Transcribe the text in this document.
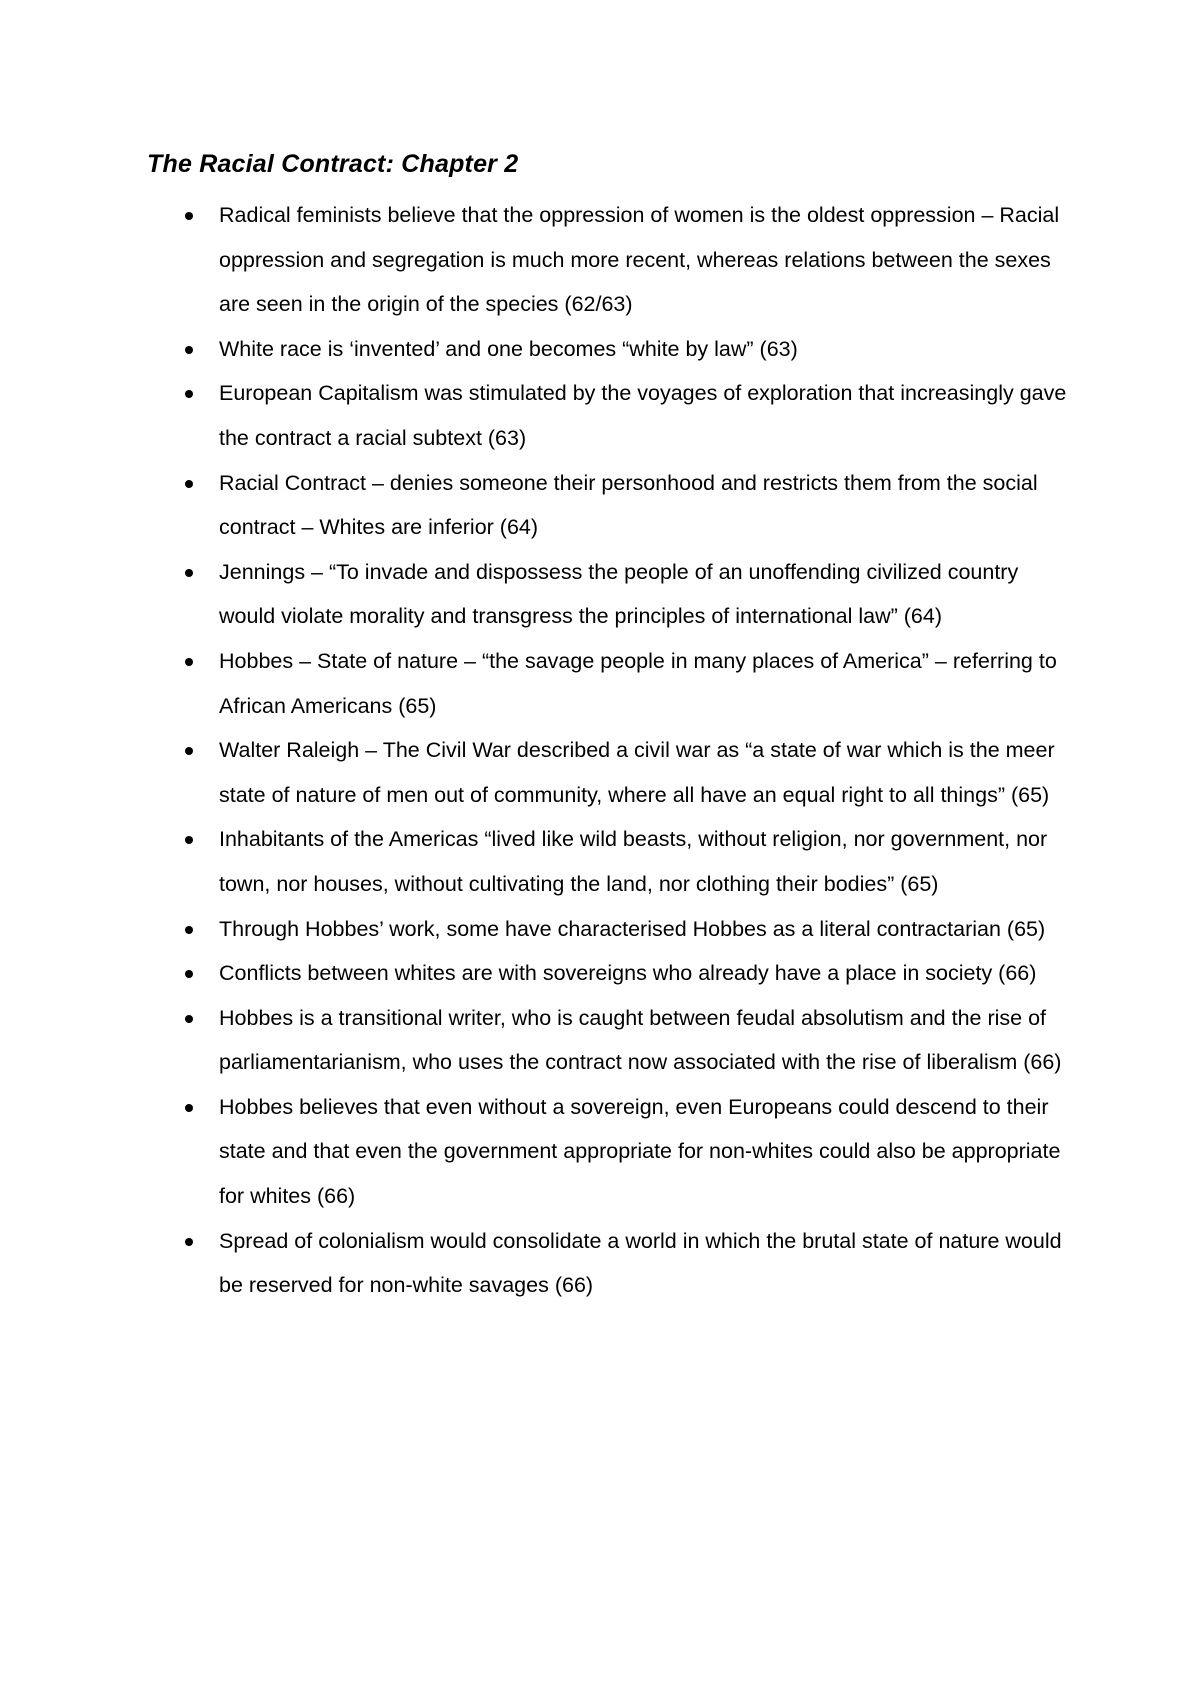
The Racial Contract: Chapter 2
Radical feminists believe that the oppression of women is the oldest oppression – Racial oppression and segregation is much more recent, whereas relations between the sexes are seen in the origin of the species (62/63)
White race is ‘invented’ and one becomes “white by law” (63)
European Capitalism was stimulated by the voyages of exploration that increasingly gave the contract a racial subtext (63)
Racial Contract – denies someone their personhood and restricts them from the social contract – Whites are inferior (64)
Jennings – “To invade and dispossess the people of an unoffending civilized country would violate morality and transgress the principles of international law” (64)
Hobbes – State of nature – “the savage people in many places of America” – referring to African Americans (65)
Walter Raleigh – The Civil War described a civil war as “a state of war which is the meer state of nature of men out of community, where all have an equal right to all things” (65)
Inhabitants of the Americas “lived like wild beasts, without religion, nor government, nor town, nor houses, without cultivating the land, nor clothing their bodies” (65)
Through Hobbes’ work, some have characterised Hobbes as a literal contractarian (65)
Conflicts between whites are with sovereigns who already have a place in society (66)
Hobbes is a transitional writer, who is caught between feudal absolutism and the rise of parliamentarianism, who uses the contract now associated with the rise of liberalism (66)
Hobbes believes that even without a sovereign, even Europeans could descend to their state and that even the government appropriate for non-whites could also be appropriate for whites (66)
Spread of colonialism would consolidate a world in which the brutal state of nature would be reserved for non-white savages (66)
